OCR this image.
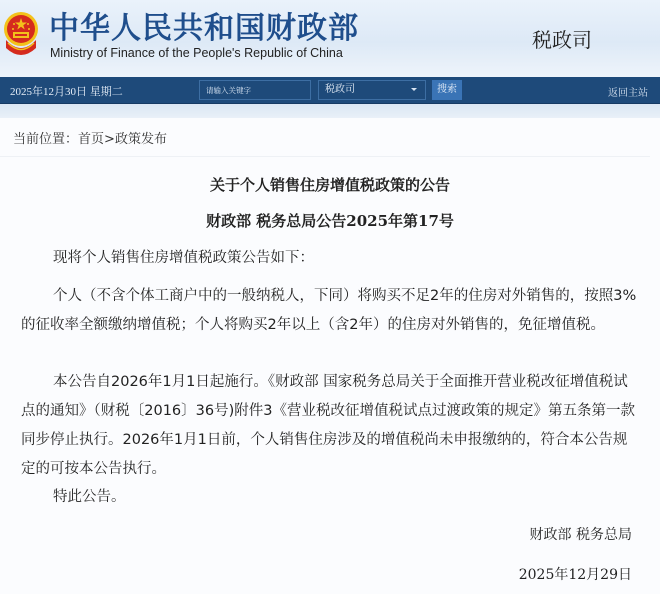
中华人民共和国财政部
Ministry of Finance of the People's Republic of China
税政司
2025年12月30日 星期二
请输入关键字	税政司	搜索	返回主站
当前位置：首页>政策发布
关于个人销售住房增值税政策的公告
财政部 税务总局公告2025年第17号

现将个人销售住房增值税政策公告如下：

个人（不含个体工商户中的一般纳税人，下同）将购买不足2年的住房对外销售的，按照3%的征收率全额缴纳增值税；个人将购买2年以上（含2年）的住房对外销售的，免征增值税。

本公告自2026年1月1日起施行。《财政部 国家税务总局关于全面推开营业税改征增值税试点的通知》（财税〔2016〕36号)附件3《营业税改征增值税试点过渡政策的规定》第五条第一款同步停止执行。2026年1月1日前，个人销售住房涉及的增值税尚未申报缴纳的，符合本公告规定的可按本公告执行。

特此公告。

财政部 税务总局
2025年12月29日
